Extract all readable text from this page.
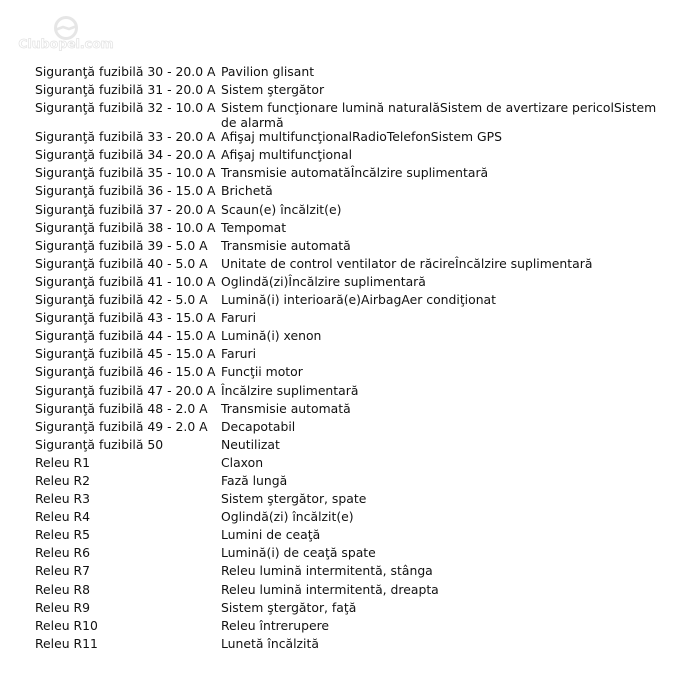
Clubopel.com
Siguranţă fuzibilă 30 - 20.0 A	Pavilion glisant
Siguranţă fuzibilă 31 - 20.0 A	Sistem ştergător
Siguranţă fuzibilă 32 - 10.0 A	Sistem funcţionare lumină naturalăSistem de avertizare pericolSistem de alarmă
Siguranţă fuzibilă 33 - 20.0 A	Afişaj multifuncţionalRadioTelefonSistem GPS
Siguranţă fuzibilă 34 - 20.0 A	Afişaj multifuncţional
Siguranţă fuzibilă 35 - 10.0 A	Transmisie automatăÎncălzire suplimentară
Siguranţă fuzibilă 36 - 15.0 A	Brichetă
Siguranţă fuzibilă 37 - 20.0 A	Scaun(e) încălzit(e)
Siguranţă fuzibilă 38 - 10.0 A	Tempomat
Siguranţă fuzibilă 39 - 5.0 A	Transmisie automată
Siguranţă fuzibilă 40 - 5.0 A	Unitate de control ventilator de răcireÎncălzire suplimentară
Siguranţă fuzibilă 41 - 10.0 A	Oglindă(zi)Încălzire suplimentară
Siguranţă fuzibilă 42 - 5.0 A	Lumină(i) interioară(e)AirbagAer condiţionat
Siguranţă fuzibilă 43 - 15.0 A	Faruri
Siguranţă fuzibilă 44 - 15.0 A	Lumină(i) xenon
Siguranţă fuzibilă 45 - 15.0 A	Faruri
Siguranţă fuzibilă 46 - 15.0 A	Funcţii motor
Siguranţă fuzibilă 47 - 20.0 A	Încălzire suplimentară
Siguranţă fuzibilă 48 - 2.0 A	Transmisie automată
Siguranţă fuzibilă 49 - 2.0 A	Decapotabil
Siguranţă fuzibilă 50	Neutilizat
Releu R1	Claxon
Releu R2	Fază lungă
Releu R3	Sistem ştergător, spate
Releu R4	Oglindă(zi) încălzit(e)
Releu R5	Lumini de ceaţă
Releu R6	Lumină(i) de ceaţă spate
Releu R7	Releu lumină intermitentă, stânga
Releu R8	Releu lumină intermitentă, dreapta
Releu R9	Sistem ştergător, faţă
Releu R10	Releu întrerupere
Releu R11	Lunetă încălzită
